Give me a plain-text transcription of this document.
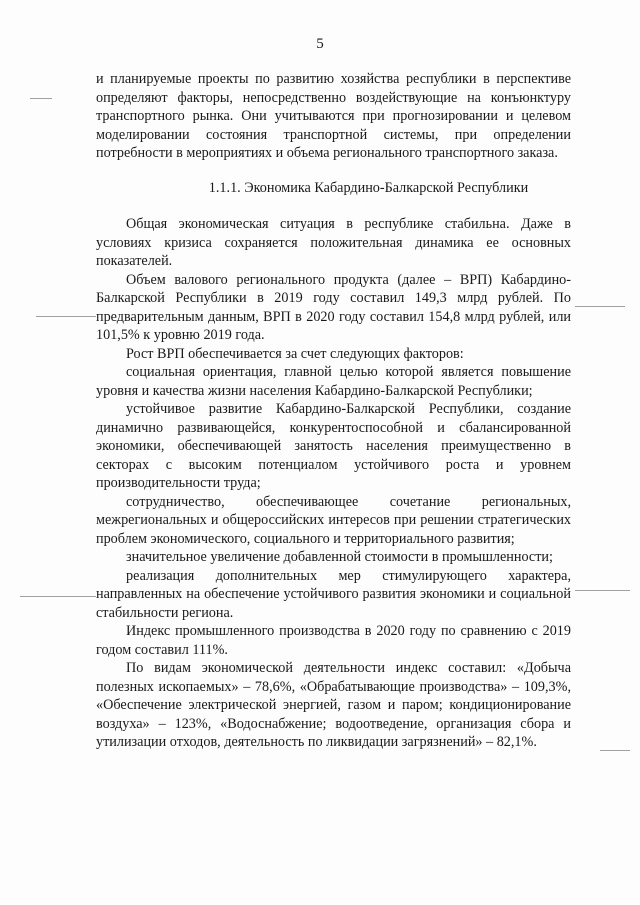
5

и планируемые проекты по развитию хозяйства республики в перспективе определяют факторы, непосредственно воздействующие на конъюнктуру транспортного рынка. Они учитываются при прогнозировании и целевом моделировании состояния транспортной системы, при определении потребности в мероприятиях и объема регионального транспортного заказа.

1.1.1. Экономика Кабардино-Балкарской Республики

Общая экономическая ситуация в республике стабильна. Даже в условиях кризиса сохраняется положительная динамика ее основных показателей.

Объем валового регионального продукта (далее – ВРП) Кабардино-Балкарской Республики в 2019 году составил 149,3 млрд рублей. По предварительным данным, ВРП в 2020 году составил 154,8 млрд рублей, или 101,5% к уровню 2019 года.

Рост ВРП обеспечивается за счет следующих факторов:

социальная ориентация, главной целью которой является повышение уровня и качества жизни населения Кабардино-Балкарской Республики;

устойчивое развитие Кабардино-Балкарской Республики, создание динамично развивающейся, конкурентоспособной и сбалансированной экономики, обеспечивающей занятость населения преимущественно в секторах с высоким потенциалом устойчивого роста и уровнем производительности труда;

сотрудничество, обеспечивающее сочетание региональных, межрегиональных и общероссийских интересов при решении стратегических проблем экономического, социального и территориального развития;

значительное увеличение добавленной стоимости в промышленности;

реализация дополнительных мер стимулирующего характера, направленных на обеспечение устойчивого развития экономики и социальной стабильности региона.

Индекс промышленного производства в 2020 году по сравнению с 2019 годом составил 111%.

По видам экономической деятельности индекс составил: «Добыча полезных ископаемых» – 78,6%, «Обрабатывающие производства» – 109,3%, «Обеспечение электрической энергией, газом и паром; кондиционирование воздуха» – 123%, «Водоснабжение; водоотведение, организация сбора и утилизации отходов, деятельность по ликвидации загрязнений» – 82,1%.
